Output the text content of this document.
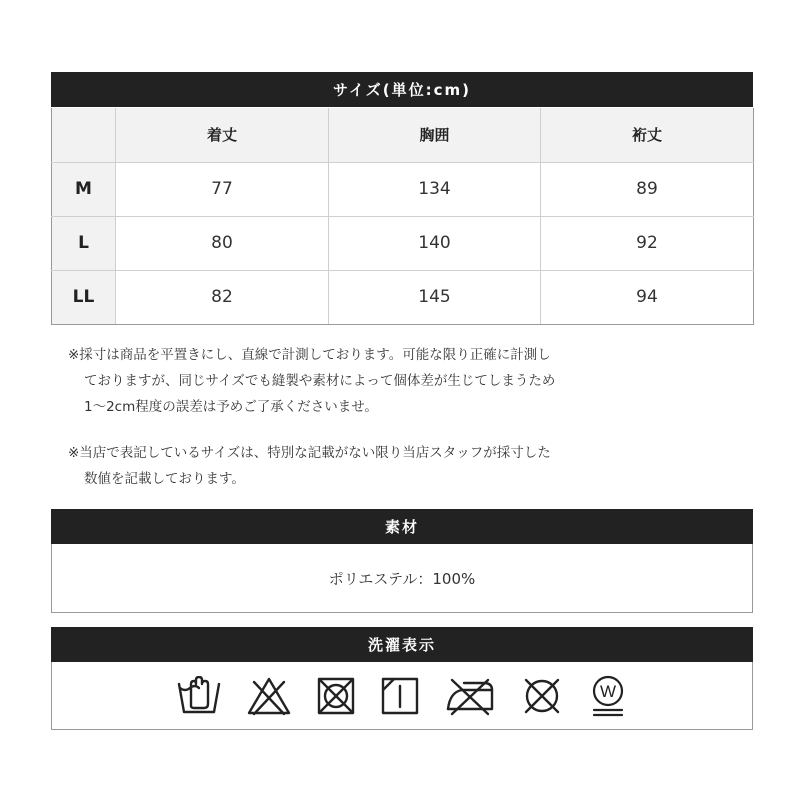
サイズ(単位:cm)
	着丈	胸囲	裄丈
M	77	134	89
L	80	140	92
LL	82	145	94
※採寸は商品を平置きにし、直線で計測しております。可能な限り正確に計測し
ておりますが、同じサイズでも縫製や素材によって個体差が生じてしまうため
1～2cm程度の誤差は予めご了承くださいませ。
※当店で表記しているサイズは、特別な記載がない限り当店スタッフが採寸した
数値を記載しております。
素材
ポリエステル：100%
洗濯表示
W
